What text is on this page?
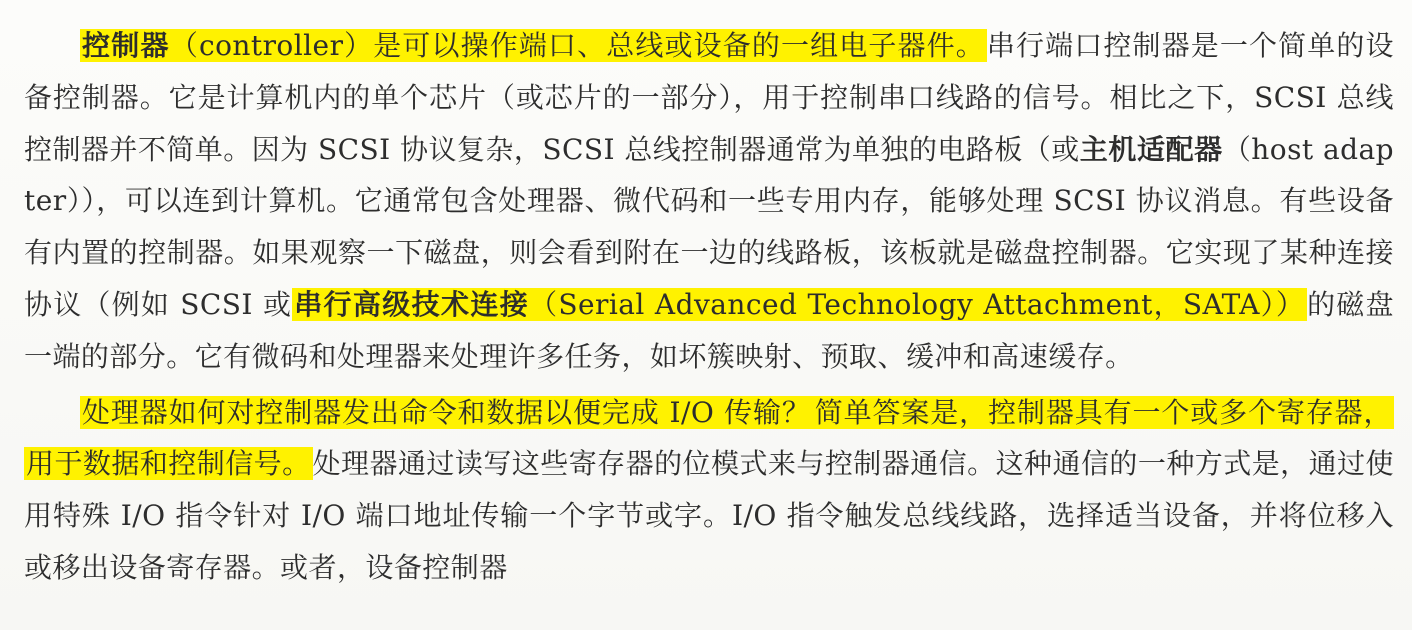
控制器（controller）是可以操作端口、总线或设备的一组电子器件。串行端口控制器是一个简单的设备控制器。它是计算机内的单个芯片（或芯片的一部分），用于控制串口线路的信号。相比之下，SCSI 总线控制器并不简单。因为 SCSI 协议复杂，SCSI 总线控制器通常为单独的电路板（或主机适配器（host adapter）），可以连到计算机。它通常包含处理器、微代码和一些专用内存，能够处理 SCSI 协议消息。有些设备有内置的控制器。如果观察一下磁盘，则会看到附在一边的线路板，该板就是磁盘控制器。它实现了某种连接协议（例如 SCSI 或串行高级技术连接（Serial Advanced Technology Attachment，SATA））的磁盘一端的部分。它有微码和处理器来处理许多任务，如坏簇映射、预取、缓冲和高速缓存。

处理器如何对控制器发出命令和数据以便完成 I/O 传输？ 简单答案是，控制器具有一个或多个寄存器，用于数据和控制信号。处理器通过读写这些寄存器的位模式来与控制器通信。这种通信的一种方式是，通过使用特殊 I/O 指令针对 I/O 端口地址传输一个字节或字。I/O 指令触发总线线路，选择适当设备，并将位移入或移出设备寄存器。或者，设备控制器
